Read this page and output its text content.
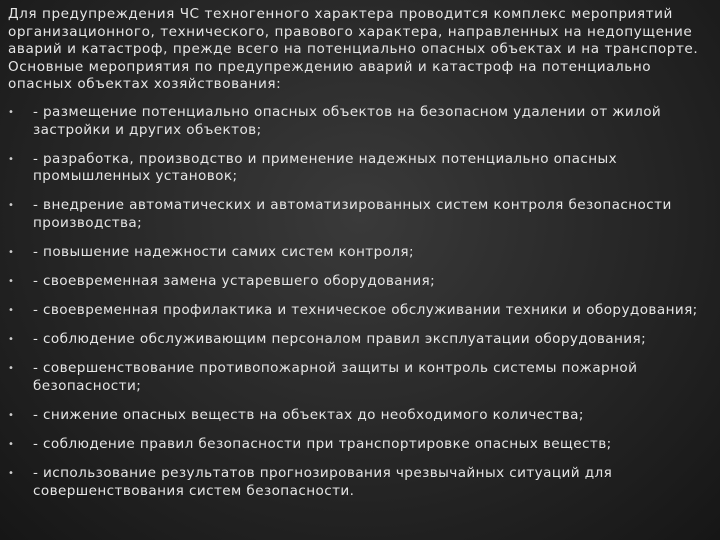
Для предупреждения ЧС техногенного характера проводится комплекс мероприятий организационного, технического, правового характера, направленных на недопущение аварий и катастроф, прежде всего на потенциально опасных объектах и на транспорте. Основные мероприятия по предупреждению аварий и катастроф на потенциально опасных объектах хозяйствования:

•	- размещение потенциально опасных объектов на безопасном удалении от жилой застройки и других объектов;
•	- разработка, производство и применение надежных потенциально опасных промышленных установок;
•	- внедрение автоматических и автоматизированных систем контроля безопасности производства;
•	- повышение надежности самих систем контроля;
•	- своевременная замена устаревшего оборудования;
•	- своевременная профилактика и техническое обслуживании техники и оборудования;
•	- соблюдение обслуживающим персоналом правил эксплуатации оборудования;
•	- совершенствование противопожарной защиты и контроль системы пожарной безопасности;
•	- снижение опасных веществ на объектах до необходимого количества;
•	- соблюдение правил безопасности при транспортировке опасных веществ;
•	- использование результатов прогнозирования чрезвычайных ситуаций для совершенствования систем безопасности.
